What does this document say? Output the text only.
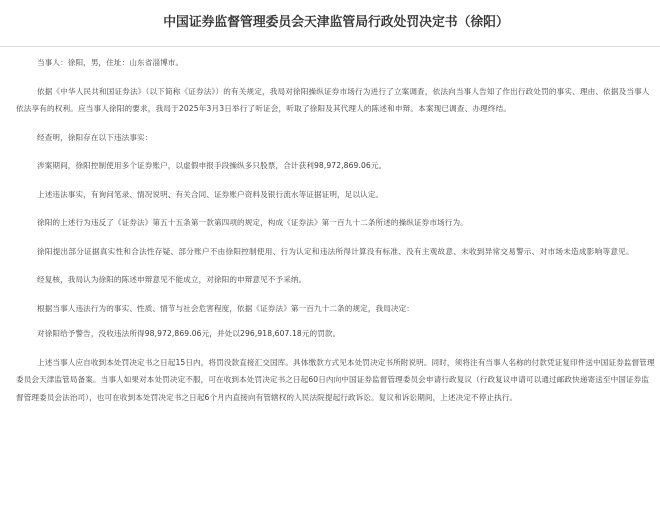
中国证券监督管理委员会天津监管局行政处罚决定书（徐阳）

当事人：徐阳，男，住址：山东省淄博市。

依据《中华人民共和国证券法》（以下简称《证券法》）的有关规定，我局对徐阳操纵证券市场行为进行了立案调查，依法向当事人告知了作出行政处罚的事实、理由、依据及当事人依法享有的权利。应当事人徐阳的要求，我局于2025年3月3日举行了听证会，听取了徐阳及其代理人的陈述和申辩。本案现已调查、办理终结。

经查明，徐阳存在以下违法事实：

涉案期间，徐阳控制使用多个证券账户，以虚假申报手段操纵多只股票，合计获利98,972,869.06元。

上述违法事实，有询问笔录、情况说明、有关合同、证券账户资料及银行流水等证据证明，足以认定。

徐阳的上述行为违反了《证券法》第五十五条第一款第四项的规定，构成《证券法》第一百九十二条所述的操纵证券市场行为。

徐阳提出部分证据真实性和合法性存疑、部分账户不由徐阳控制使用、行为认定和违法所得计算没有标准、没有主观故意、未收到异常交易警示、对市场未造成影响等意见。

经复核，我局认为徐阳的陈述申辩意见不能成立，对徐阳的申辩意见不予采纳。

根据当事人违法行为的事实、性质、情节与社会危害程度，依据《证券法》第一百九十二条的规定，我局决定：

对徐阳给予警告，没收违法所得98,972,869.06元，并处以296,918,607.18元的罚款。

上述当事人应自收到本处罚决定书之日起15日内，将罚没款直接汇交国库。具体缴款方式见本处罚决定书所附说明。同时，须将注有当事人名称的付款凭证复印件送中国证券监督管理委员会天津监管局备案。当事人如果对本处罚决定不服，可在收到本处罚决定书之日起60日内向中国证券监督管理委员会申请行政复议（行政复议申请可以通过邮政快递寄送至中国证券监督管理委员会法治司），也可在收到本处罚决定书之日起6个月内直接向有管辖权的人民法院提起行政诉讼。复议和诉讼期间，上述决定不停止执行。
